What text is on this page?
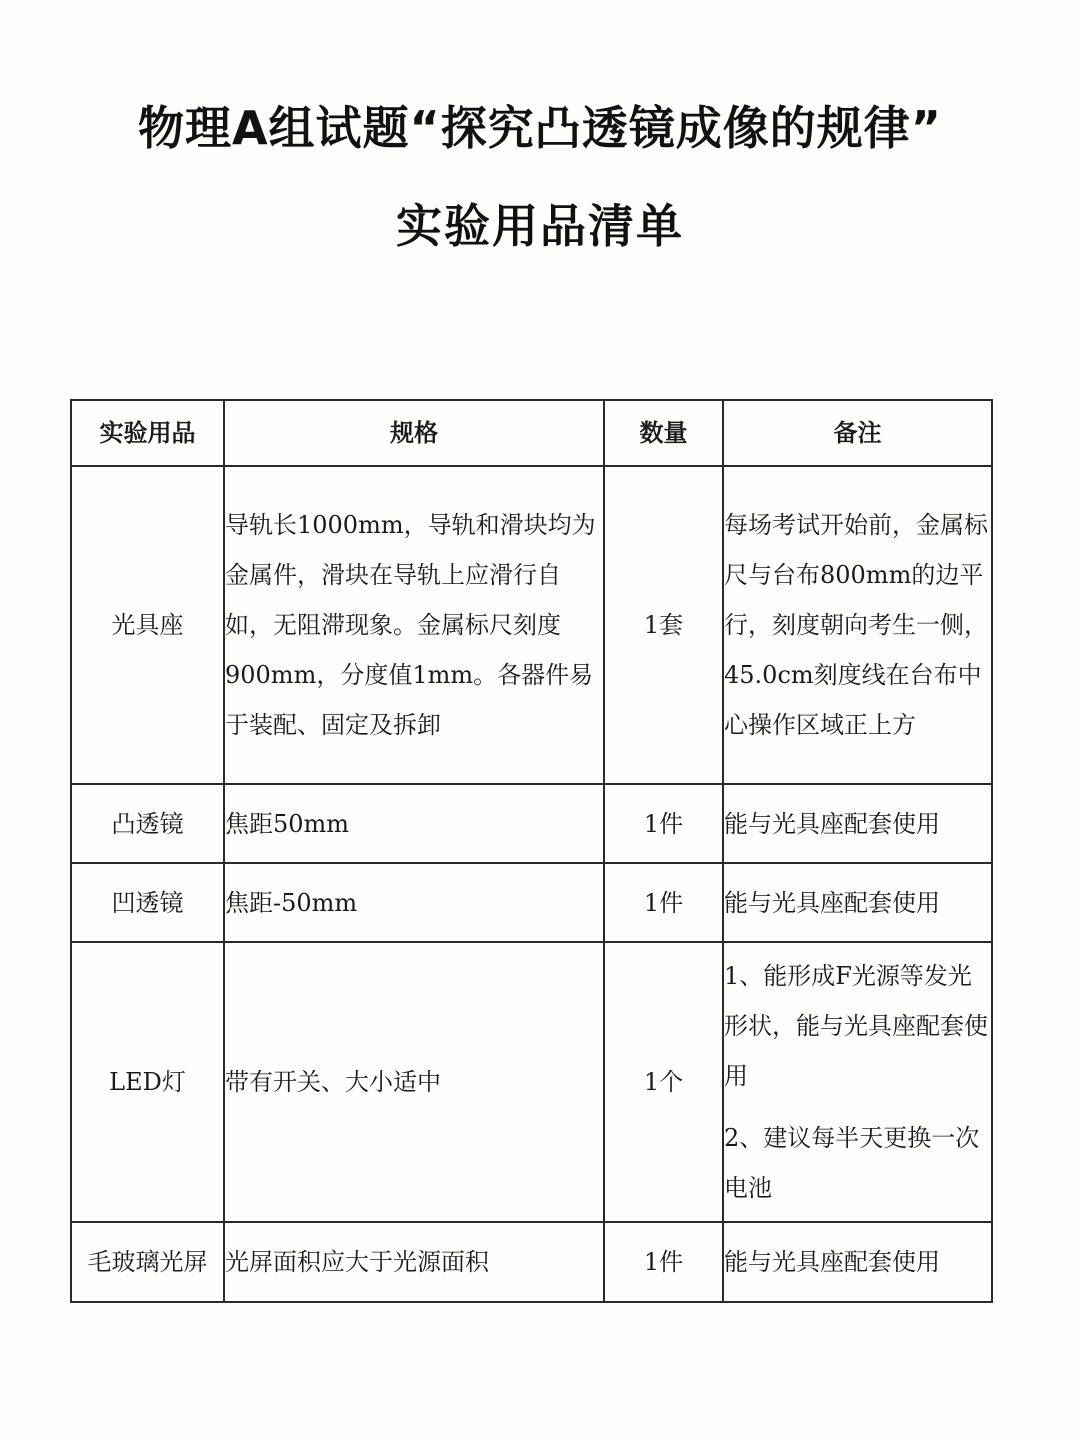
物理A组试题“探究凸透镜成像的规律”
实验用品清单
实验用品	规格	数量	备注
光具座	导轨长1000mm，导轨和滑块均为金属件，滑块在导轨上应滑行自如，无阻滞现象。金属标尺刻度900mm，分度值1mm。各器件易于装配、固定及拆卸	1套	每场考试开始前，金属标尺与台布800mm的边平行，刻度朝向考生一侧，45.0cm刻度线在台布中心操作区域正上方

凸透镜	焦距50mm	1件	能与光具座配套使用

凹透镜	焦距-50mm	1件	能与光具座配套使用

LED灯	带有开关、大小适中	1个	1、能形成F光源等发光形状，能与光具座配套使用
2、建议每半天更换一次电池

毛玻璃光屏	光屏面积应大于光源面积	1件	能与光具座配套使用
